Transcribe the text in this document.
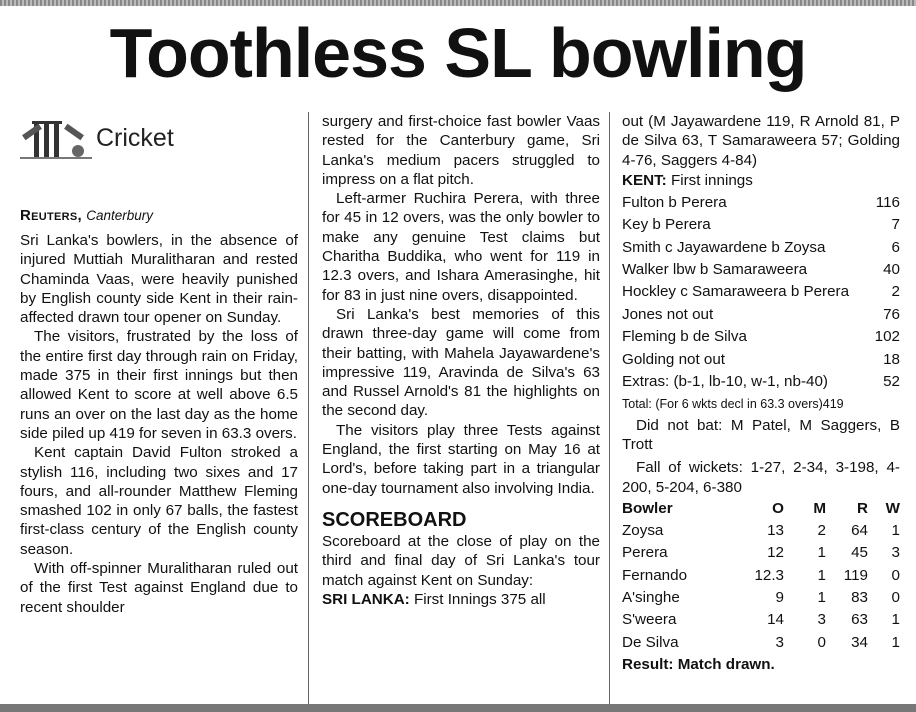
Toothless SL bowling
Cricket
Reuters, Canterbury

Sri Lanka's bowlers, in the absence of injured Muttiah Muralitharan and rested Chaminda Vaas, were heavily punished by English county side Kent in their rain-affected drawn tour opener on Sunday.

The visitors, frustrated by the loss of the entire first day through rain on Friday, made 375 in their first innings but then allowed Kent to score at well above 6.5 runs an over on the last day as the home side piled up 419 for seven in 63.3 overs.

Kent captain David Fulton stroked a stylish 116, including two sixes and 17 fours, and all-rounder Matthew Fleming smashed 102 in only 67 balls, the fastest first-class century of the English county season.

With off-spinner Muralitharan ruled out of the first Test against England due to recent shoulder

surgery and first-choice fast bowler Vaas rested for the Canterbury game, Sri Lanka's medium pacers struggled to impress on a flat pitch.

Left-armer Ruchira Perera, with three for 45 in 12 overs, was the only bowler to make any genuine Test claims but Charitha Buddika, who went for 119 in 12.3 overs, and Ishara Amerasinghe, hit for 83 in just nine overs, disappointed.

Sri Lanka's best memories of this drawn three-day game will come from their batting, with Mahela Jayawardene's impressive 119, Aravinda de Silva's 63 and Russel Arnold's 81 the highlights on the second day.

The visitors play three Tests against England, the first starting on May 16 at Lord's, before taking part in a triangular one-day tournament also involving India.

SCOREBOARD

Scoreboard at the close of play on the third and final day of Sri Lanka's tour match against Kent on Sunday:

SRI LANKA: First Innings 375 all

out (M Jayawardene 119, R Arnold 81, P de Silva 63, T Samaraweera 57; Golding 4-76, Saggers 4-84)

KENT: First innings
Fulton b Perera	116
Key b Perera	7
Smith c Jayawardene b Zoysa	6
Walker lbw b Samaraweera	40
Hockley c Samaraweera b Perera	2
Jones not out	76
Fleming b de Silva	102
Golding not out	18
Extras: (b-1, lb-10, w-1, nb-40)	52
Total: (For 6 wkts decl in 63.3 overs)419

Did not bat: M Patel, M Saggers, B Trott

Fall of wickets: 1-27, 2-34, 3-198, 4-200, 5-204, 6-380

Bowler	O	M	R	W
Zoysa	13	2	64	1
Perera	12	1	45	3
Fernando	12.3	1	119	0
A'singhe	9	1	83	0
S'weera	14	3	63	1
De Silva	3	0	34	1
Result: Match drawn.
